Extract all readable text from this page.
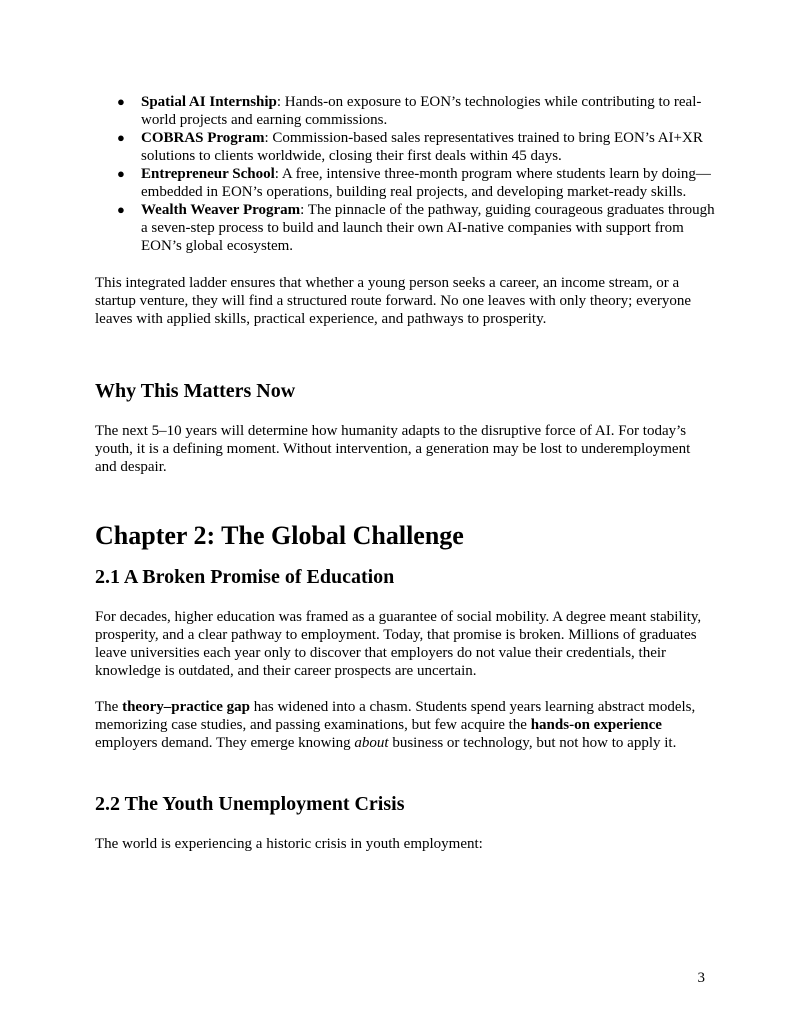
● Spatial AI Internship: Hands-on exposure to EON’s technologies while contributing to real-world projects and earning commissions.
● COBRAS Program: Commission-based sales representatives trained to bring EON’s AI+XR solutions to clients worldwide, closing their first deals within 45 days.
● Entrepreneur School: A free, intensive three-month program where students learn by doing—embedded in EON’s operations, building real projects, and developing market-ready skills.
● Wealth Weaver Program: The pinnacle of the pathway, guiding courageous graduates through a seven-step process to build and launch their own AI-native companies with support from EON’s global ecosystem.

This integrated ladder ensures that whether a young person seeks a career, an income stream, or a startup venture, they will find a structured route forward. No one leaves with only theory; everyone leaves with applied skills, practical experience, and pathways to prosperity.

Why This Matters Now

The next 5–10 years will determine how humanity adapts to the disruptive force of AI. For today’s youth, it is a defining moment. Without intervention, a generation may be lost to underemployment and despair.

Chapter 2: The Global Challenge
2.1 A Broken Promise of Education

For decades, higher education was framed as a guarantee of social mobility. A degree meant stability, prosperity, and a clear pathway to employment. Today, that promise is broken. Millions of graduates leave universities each year only to discover that employers do not value their credentials, their knowledge is outdated, and their career prospects are uncertain.

The theory–practice gap has widened into a chasm. Students spend years learning abstract models, memorizing case studies, and passing examinations, but few acquire the hands-on experience employers demand. They emerge knowing about business or technology, but not how to apply it.

2.2 The Youth Unemployment Crisis

The world is experiencing a historic crisis in youth employment:

3
